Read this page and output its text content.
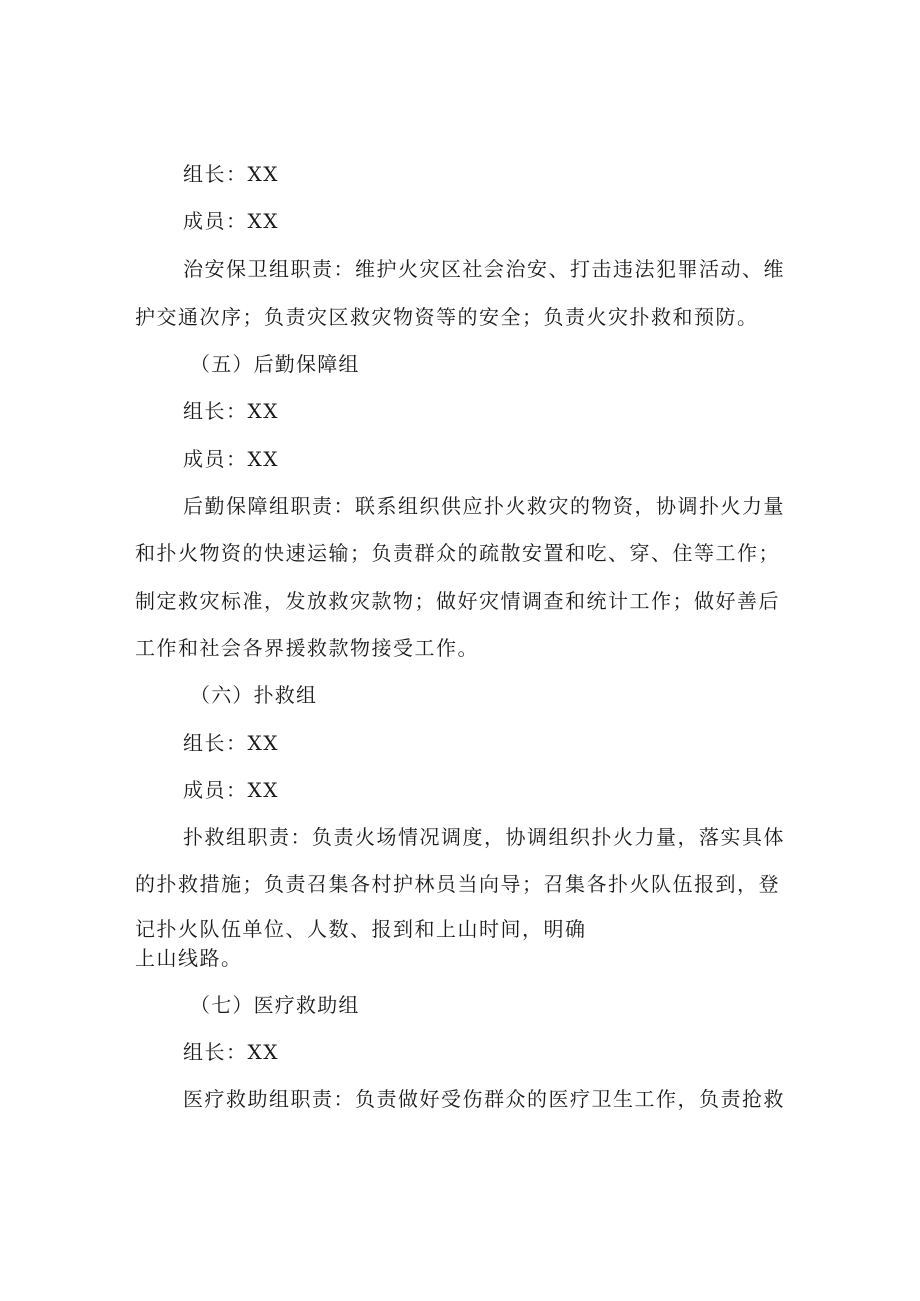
组长：XX
成员：XX
治安保卫组职责：维护火灾区社会治安、打击违法犯罪活动、维
护交通次序；负责灾区救灾物资等的安全；负责火灾扑救和预防。
（五）后勤保障组
组长：XX
成员：XX
后勤保障组职责：联系组织供应扑火救灾的物资，协调扑火力量
和扑火物资的快速运输；负责群众的疏散安置和吃、穿、住等工作；
制定救灾标准，发放救灾款物；做好灾情调查和统计工作；做好善后
工作和社会各界援救款物接受工作。
（六）扑救组
组长：XX
成员：XX
扑救组职责：负责火场情况调度，协调组织扑火力量，落实具体
的扑救措施；负责召集各村护林员当向导；召集各扑火队伍报到，登
记扑火队伍单位、人数、报到和上山时间，明确
上山线路。
（七）医疗救助组
组长：XX
医疗救助组职责：负责做好受伤群众的医疗卫生工作，负责抢救
